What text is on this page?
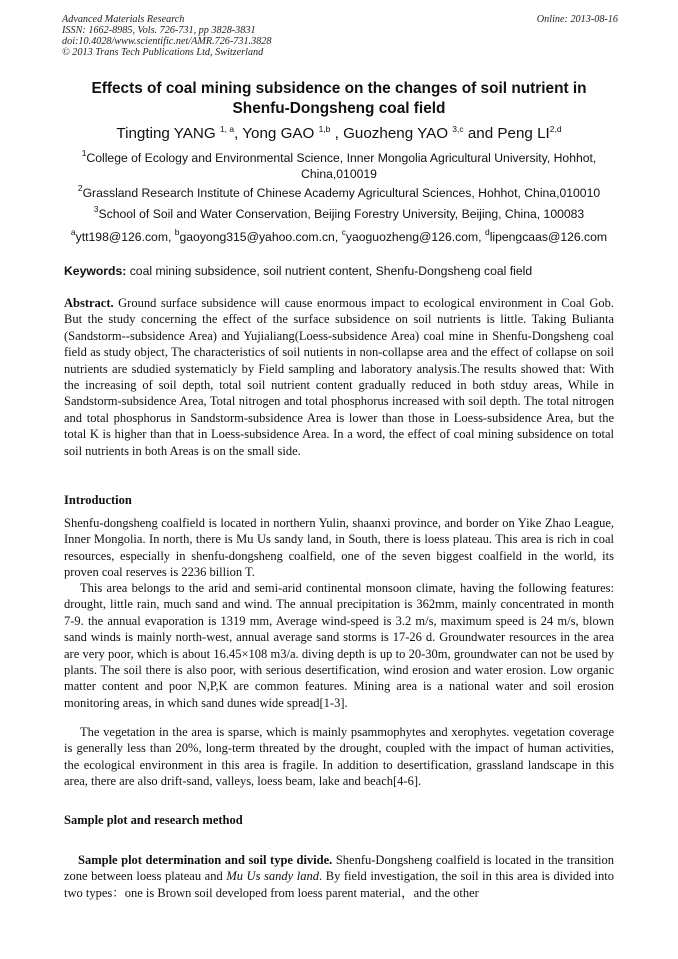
Advanced Materials Research
ISSN: 1662-8985, Vols. 726-731, pp 3828-3831
doi:10.4028/www.scientific.net/AMR.726-731.3828
© 2013 Trans Tech Publications Ltd, Switzerland
Online: 2013-08-16
Effects of coal mining subsidence on the changes of soil nutrient in
Shenfu-Dongsheng coal field
Tingting YANG $^{1, a}$, Yong GAO $^{1,b}$ , Guozheng YAO $^{3,c}$ and Peng LI$^{2,d}$
$^1$College of Ecology and Environmental Science, Inner Mongolia Agricultural University, Hohhot, China,010019
$^2$Grassland Research Institute of Chinese Academy Agricultural Sciences, Hohhot, China,010010
$^3$School of Soil and Water Conservation, Beijing Forestry University, Beijing, China, 100083
$^a$ytt198@126.com, $^b$gaoyong315@yahoo.com.cn, $^c$yaoguozheng@126.com, $^d$lipengcaas@126.com
Keywords: coal mining subsidence, soil nutrient content, Shenfu-Dongsheng coal field
Abstract. Ground surface subsidence will cause enormous impact to ecological environment in Coal Gob. But the study concerning the effect of the surface subsidence on soil nutrients is little. Taking Bulianta (Sandstorm--subsidence Area) and Yujialiang(Loess-subsidence Area) coal mine in Shenfu-Dongsheng coal field as study object, The characteristics of soil nutients in non-collapse area and the effect of collapse on soil nutrients are sdudied systematicly by Field sampling and laboratory analysis.The results showed that: With the increasing of soil depth, total soil nutrient content gradually reduced in both stduy areas, While in Sandstorm-subsidence Area, Total nitrogen and total phosphorus increased with soil depth. The total nitrogen and total phosphorus in Sandstorm-subsidence Area is lower than those in Loess-subsidence Area, but the total K is higher than that in Loess-subsidence Area. In a word, the effect of coal mining subsidence on total soil nutrients in both Areas is on the small side.
Introduction
Shenfu-dongsheng coalfield is located in northern Yulin, shaanxi province, and border on Yike Zhao League, Inner Mongolia. In north, there is Mu Us sandy land, in South, there is loess plateau. This area is rich in coal resources, especially in shenfu-dongsheng coalfield, one of the seven biggest coalfield in the world, its proven coal reserves is 2236 billion T.
This area belongs to the arid and semi-arid continental monsoon climate, having the following features: drought, little rain, much sand and wind. The annual precipitation is 362mm, mainly concentrated in month 7-9. the annual evaporation is 1319 mm, Average wind-speed is 3.2 m/s, maximum speed is 24 m/s, blown sand winds is mainly north-west, annual average sand storms is 17-26 d. Groundwater resources in the area are very poor, which is about 16.45×108 m3/a. diving depth is up to 20-30m, groundwater can not be used by plants. The soil there is also poor, with serious desertification, wind erosion and water erosion. Low organic matter content and poor N,P,K are common features. Mining area is a national water and soil erosion monitoring areas, in which sand dunes wide spread[1-3].
The vegetation in the area is sparse, which is mainly psammophytes and xerophytes. vegetation coverage is generally less than 20%, long-term threated by the drought, coupled with the impact of human activities, the ecological environment in this area is fragile. In addition to desertification, grassland landscape in this area, there are also drift-sand, valleys, loess beam, lake and beach[4-6].
Sample plot and research method
Sample plot determination and soil type divide. Shenfu-Dongsheng coalfield is located in the transition zone between loess plateau and Mu Us sandy land. By field investigation, the soil in this area is divided into two types：one is Brown soil developed from loess parent material，and the other
